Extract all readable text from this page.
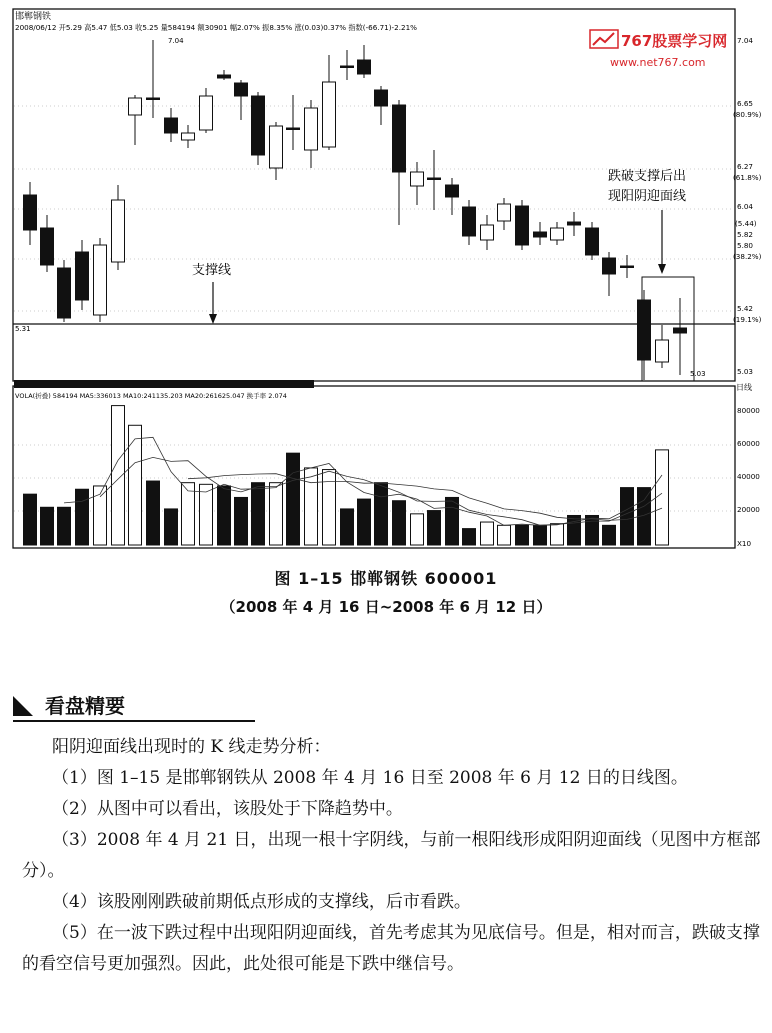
邯郸钢铁
2008/06/12 开5.29 高5.47 低5.03 收5.25 量584194 额30901 幅2.07% 振8.35% 涨(0.03)0.37% 指数(-66.71)-2.21%
767股票学习网
www.net767.com
5.31
支撑线
跌破支撑后出
现阳阴迎面线
7.04
5.03
7.04
6.65
(80.9%)
6.27
(61.8%)
6.04
(5.44)
5.82
5.80
(38.2%)
5.42
(19.1%)
5.03
日线
VOLA(折叠) 584194 MA5:336013 MA10:241135.203 MA20:261625.047 换手率 2.074
80000
60000
40000
20000
X10
图 1–15 邯郸钢铁 600001
（2008 年 4 月 16 日~2008 年 6 月 12 日）
看盘精要

阳阴迎面线出现时的 K 线走势分析：

（1）图 1–15 是邯郸钢铁从 2008 年 4 月 16 日至 2008 年 6 月 12 日的日线图。

（2）从图中可以看出，该股处于下降趋势中。

（3）2008 年 4 月 21 日，出现一根十字阴线，与前一根阳线形成阳阴迎面线（见图中方框部分）。

（4）该股刚刚跌破前期低点形成的支撑线，后市看跌。

（5）在一波下跌过程中出现阳阴迎面线，首先考虑其为见底信号。但是，相对而言，跌破支撑的看空信号更加强烈。因此，此处很可能是下跌中继信号。
